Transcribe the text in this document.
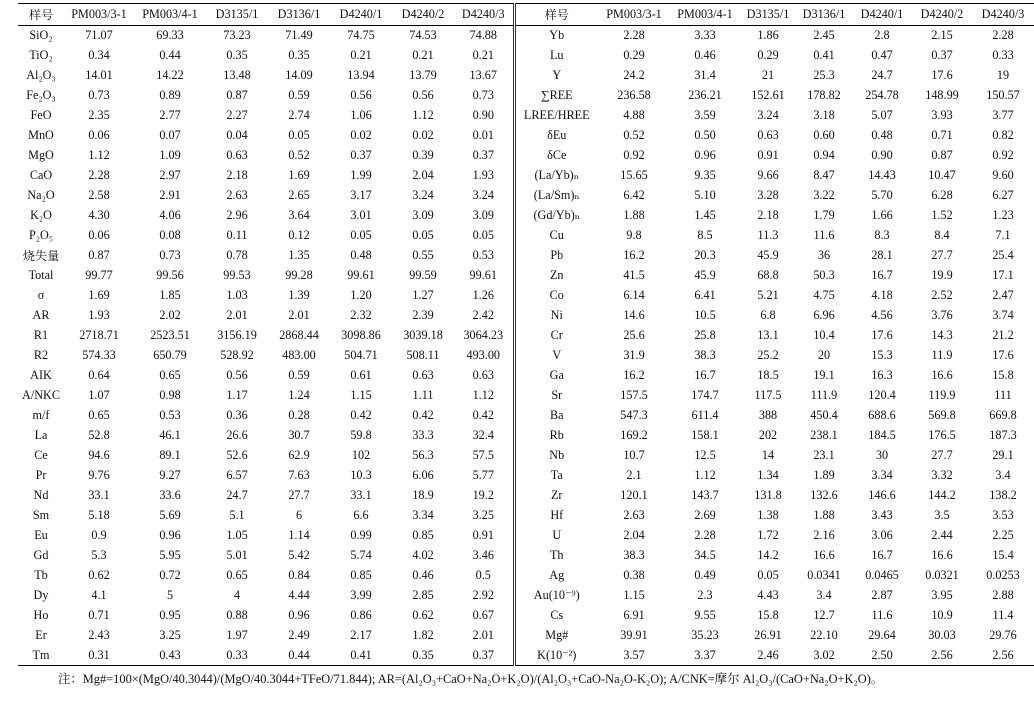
样号	PM003/3-1	PM003/4-1	D3135/1	D3136/1	D4240/1	D4240/2	D4240/3	样号	PM003/3-1	PM003/4-1	D3135/1	D3136/1	D4240/1	D4240/2	D4240/3
SiO₂	71.07	69.33	73.23	71.49	74.75	74.53	74.88	Yb	2.28	3.33	1.86	2.45	2.8	2.15	2.28
TiO₂	0.34	0.44	0.35	0.35	0.21	0.21	0.21	Lu	0.29	0.46	0.29	0.41	0.47	0.37	0.33
Al₂O₃	14.01	14.22	13.48	14.09	13.94	13.79	13.67	Y	24.2	31.4	21	25.3	24.7	17.6	19
Fe₂O₃	0.73	0.89	0.87	0.59	0.56	0.56	0.73	∑REE	236.58	236.21	152.61	178.82	254.78	148.99	150.57
FeO	2.35	2.77	2.27	2.74	1.06	1.12	0.90	LREE/HREE	4.88	3.59	3.24	3.18	5.07	3.93	3.77
MnO	0.06	0.07	0.04	0.05	0.02	0.02	0.01	δEu	0.52	0.50	0.63	0.60	0.48	0.71	0.82
MgO	1.12	1.09	0.63	0.52	0.37	0.39	0.37	δCe	0.92	0.96	0.91	0.94	0.90	0.87	0.92
CaO	2.28	2.97	2.18	1.69	1.99	2.04	1.93	(La/Yb)ₙ	15.65	9.35	9.66	8.47	14.43	10.47	9.60
Na₂O	2.58	2.91	2.63	2.65	3.17	3.24	3.24	(La/Sm)ₙ	6.42	5.10	3.28	3.22	5.70	6.28	6.27
K₂O	4.30	4.06	2.96	3.64	3.01	3.09	3.09	(Gd/Yb)ₙ	1.88	1.45	2.18	1.79	1.66	1.52	1.23
P₂O₅	0.06	0.08	0.11	0.12	0.05	0.05	0.05	Cu	9.8	8.5	11.3	11.6	8.3	8.4	7.1
烧失量	0.87	0.73	0.78	1.35	0.48	0.55	0.53	Pb	16.2	20.3	45.9	36	28.1	27.7	25.4
Total	99.77	99.56	99.53	99.28	99.61	99.59	99.61	Zn	41.5	45.9	68.8	50.3	16.7	19.9	17.1
σ	1.69	1.85	1.03	1.39	1.20	1.27	1.26	Co	6.14	6.41	5.21	4.75	4.18	2.52	2.47
AR	1.93	2.02	2.01	2.01	2.32	2.39	2.42	Ni	14.6	10.5	6.8	6.96	4.56	3.76	3.74
R1	2718.71	2523.51	3156.19	2868.44	3098.86	3039.18	3064.23	Cr	25.6	25.8	13.1	10.4	17.6	14.3	21.2
R2	574.33	650.79	528.92	483.00	504.71	508.11	493.00	V	31.9	38.3	25.2	20	15.3	11.9	17.6
AIK	0.64	0.65	0.56	0.59	0.61	0.63	0.63	Ga	16.2	16.7	18.5	19.1	16.3	16.6	15.8
A/NKC	1.07	0.98	1.17	1.24	1.15	1.11	1.12	Sr	157.5	174.7	117.5	111.9	120.4	119.9	111
m/f	0.65	0.53	0.36	0.28	0.42	0.42	0.42	Ba	547.3	611.4	388	450.4	688.6	569.8	669.8
La	52.8	46.1	26.6	30.7	59.8	33.3	32.4	Rb	169.2	158.1	202	238.1	184.5	176.5	187.3
Ce	94.6	89.1	52.6	62.9	102	56.3	57.5	Nb	10.7	12.5	14	23.1	30	27.7	29.1
Pr	9.76	9.27	6.57	7.63	10.3	6.06	5.77	Ta	2.1	1.12	1.34	1.89	3.34	3.32	3.4
Nd	33.1	33.6	24.7	27.7	33.1	18.9	19.2	Zr	120.1	143.7	131.8	132.6	146.6	144.2	138.2
Sm	5.18	5.69	5.1	6	6.6	3.34	3.25	Hf	2.63	2.69	1.38	1.88	3.43	3.5	3.53
Eu	0.9	0.96	1.05	1.14	0.99	0.85	0.91	U	2.04	2.28	1.72	2.16	3.06	2.44	2.25
Gd	5.3	5.95	5.01	5.42	5.74	4.02	3.46	Th	38.3	34.5	14.2	16.6	16.7	16.6	15.4
Tb	0.62	0.72	0.65	0.84	0.85	0.46	0.5	Ag	0.38	0.49	0.05	0.0341	0.0465	0.0321	0.0253
Dy	4.1	5	4	4.44	3.99	2.85	2.92	Au(10⁻⁹)	1.15	2.3	4.43	3.4	2.87	3.95	2.88
Ho	0.71	0.95	0.88	0.96	0.86	0.62	0.67	Cs	6.91	9.55	15.8	12.7	11.6	10.9	11.4
Er	2.43	3.25	1.97	2.49	2.17	1.82	2.01	Mg#	39.91	35.23	26.91	22.10	29.64	30.03	29.76
Tm	0.31	0.43	0.33	0.44	0.41	0.35	0.37	K(10⁻²)	3.57	3.37	2.46	3.02	2.50	2.56	2.56
注：Mg#=100×(MgO/40.3044)/(MgO/40.3044+TFeO/71.844); AR=(Al₂O₃+CaO+Na₂O+K₂O)/(Al₂O₃+CaO-Na₂O-K₂O); A/CNK=摩尔 Al₂O₃/(CaO+Na₂O+K₂O)。
